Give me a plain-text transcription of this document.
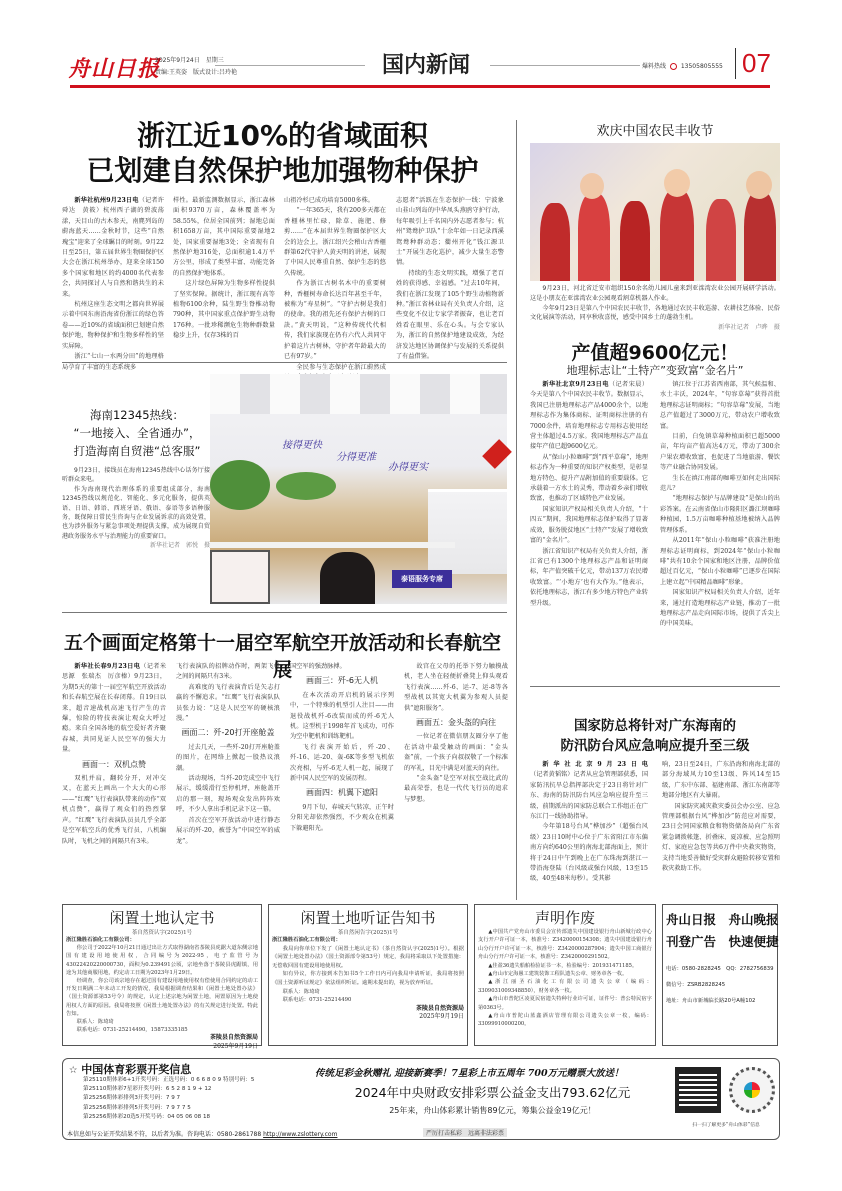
舟山日报
2025年9月24日　星期三
责编:王英姿　版式设计:吕玲艳	国内新闻	爆料热线 13505805555 07
浙江近10%的省域面积
已划建自然保护地加强物种保护

新华社杭州9月23日电（记者许舜达　黄筱）杭州西子湖的碧波荡漾，天目山的古木参天，南麂列岛的蔚海蓝天……金秋时节，这些“自然瑰宝”迎来了全球瞩目的时刻。9月22日至25日，第五届世界生物圈保护区大会在浙江杭州举办，迎来全球150多个国家和地区的约4000名代表参会，共同探讨人与自然和谐共生的未来。

杭州这座生态文明之都向世界展示着中国东南沿海省份浙江的绿色答卷——近10%的省域面积已划建自然保护地，物种保护和生物多样性的坚实屏障。

浙江“七山一水两分田”的地理格局孕育了丰富的生态系统多

样性。最新监测数据显示，浙江森林面积9370万亩，森林覆盖率为58.55%，位居全国前列；湿地总面积1658万亩，其中国际重要湿地2处，国家重要湿地3处；全省现有自然保护地316处，总面积逾1.4万平方公里，形成了类型丰富、功能完备的自然保护地体系。

这片绿色屏障为生物多样性提供了坚实保障。据统计，浙江现有高等植物6100余种，陆生野生脊椎动物790种，其中国家重点保护野生动物176种。一批珍稀濒危生物种群数量稳步上升，仅存3株的百

山祖冷杉已成功培育5000多株。

“一年365天，我有200多天都在香榧林里忙碌，除草、施肥、修剪……”在本届世界生物圈保护区大会的边会上，浙江绍兴会稽山古香榧群第62代守护人黄天明的讲述，展现了中国人民尊重自然、保护生态的悠久传统。

作为浙江古树名木中的重要树种，香榧树寿命长达百年甚至千年，被称为“寿星树”。“守护古树是我们的使命。我的祖先还有保护古树的口訣。”黄天明说，“这种传统代代相传，我们家族现在仍有六代人共同守护着这片古树林，守护者年龄最大的已有97岁。”

全民参与生态保护在浙江蔚然成

志愿者”活跃在生态保护一线：宁波象山韭山列岛的中华凤头燕鸥守护行动，每年吸引上千名国内外志愿者参与；杭州“鸳鸯护卫队”十余年如一日记录西溪鸳鸯种群动态；衢州开化“钱江源卫士”开展生态化巡护，减少大量生态警情。

持续的生态文明实践，增强了老百姓的获得感、幸福感。“过去10年间，我们在浙江发现了105个野生动植物新种。”浙江省林业局有关负责人介绍，这些变化不仅让专家学者振奋，也让老百姓看在眼里、乐在心头。与会专家认为，浙江的自然保护地建设成效，为经济发达地区协调保护与发展的关系提供了有益借鉴。

海南12345热线：
“一地接入、全省通办”，
打造海南自贸港“总客服”

9月23日，接线员在海南12345热线中心话务厅接听群众来电。

作为海南现代治理体系的重要组成部分，海南12345热线以规范化、智能化、多元化服务，提供英语、日语、韩语、西班牙语、俄语、泰语等多语种服务，既保障日常民生咨询与企业发展诉求的高效处置，也为涉外服务与紧急事项处理提供支撑，成为展现自贸港政务服务水平与治理能力的重要窗口。

新华社记者　郭悦　摄

接得更快
分得更准
办得更实
泰语服务专席
欢庆中国农民丰收节

9月23日，河北省迁安市组织150余名幼儿园儿童来到亚滦湾农业公园开展研学活动。这是小朋友在亚滦湾农业公园观看割草机器人作业。

今年9月23日是第八个中国农民丰收节，各地通过农民丰收巡游、农耕技艺体验、民俗文化展演等活动，同享秋收喜悦，感受中国乡土的蓬勃生机。

新华社记者　卢晔　摄

产值超9600亿元！
地理标志让“土特产”变致富“金名片”

新华社北京9月23日电（记者宋晨）今天是第八个中国农民丰收节。数据显示，我国已注册地理标志产品4000余个，以地理标志作为集体商标、证明商标注册的有7000余件，培育地理标志专用标志使用经营主体超过4.5万家。我国地理标志产品直接年产值已超9600亿元。

从“保山小粒咖啡”到“西平草莓”，地理标志作为一种重要的知识产权类型，是彰显地方特色、提升产品附加值的重要载体。它承载着一方水土的灵秀，带动着乡亲们增收致富，也推动了区域特色产业发展。

国家知识产权局相关负责人介绍，“十四五”期间，我国地理标志保护取得了显著成效，服务脱贫地区“土特产”发展了增收致富的“金名片”。

浙江省知识产权局有关负责人介绍，浙江省已有1300个地理标志产品和证明商标，年产值突破千亿元，带动137万农民增收致富。“‘小地方’也有大作为。”他表示，依托地理标志，浙江有多少地方特色产业转型升级。

镇江位于江苏省西南部，其气候温和、水土丰沃，2024年，“句容草莓”获得首批地理标志证明商标；“句容草莓”发展，当地总产值超过了3000万元，带动农户增收致富。

目前，白兔镇草莓种植面积已超5000亩，年均亩产值高达4万元，带动了300余户果农增收致富，也促进了当地旅游、餐饮等产业融合协同发展。

生长在滇江南部的咖啡豆如何走出国际范儿？

“地理标志保护与品牌建设”是保山的出彩答案。在云南省保山市隆阳区潞江坝咖啡种植园，1.5万亩咖啡种植基地被纳入品牌管理体系。

从2011年“保山小粒咖啡”获准注册地理标志证明商标，到2024年“保山小粒咖啡”共有10余个国家和地区注册，品牌价值超过百亿元，“保山小粒咖啡”已逐步在国际上建立起“中国精品咖啡”形象。

国家知识产权局相关负责人介绍，近年来，通过打造地理标志产业链，推动了一批地理标志产品走向国际市场，提供了舌尖上的中国美味。

国家防总将针对广东海南的
防汛防台风应急响应提升至三级

新华社北京9月23日电（记者黄韬铭）记者从应急管理部获悉，国家防汛抗旱总指挥部决定于23日将针对广东、海南的防汛防台风应急响应提升至三级，前期派出的国家防总联合工作组正在广东江门一线协助指导。

今年第18号台风“桦加沙”（超强台风级）23日10时中心位于广东省阳江市东偏南方向约640公里的南海北部海面上，预计将于24日中午到晚上在广东珠海到湛江一带沿海登陆（台风级或强台风级，13至15级，40至48米每秒）。受其影

响，23日至24日，广东沿海和南海北部的部分海域风力10至13级、阵风14至15级，广东中东部、福建南部、浙江东南部等地部分地区有大暴雨。

国家防灾减灾救灾委员会办公室、应急管理部根据台风“桦加沙”防范应对需要，23日会同国家粮食和物资储备局向广东省紧急调拨帐篷、折叠床、夏凉被、应急照明灯、家庭应急包等共6万件中央救灾物资，支持当地妥善做好受灾群众避险转移安置和救灾救助工作。

五个画面定格第十一届空军航空开放活动和长春航空展

新华社长春9月23日电（记者米思源　张瑞杰　厉彦榛）9月23日，为期5天的第十一届空军航空开放活动和长春航空展在长春闭幕。自19日以来，超音速战机高速飞行产生的音爆，惊险的特技表演让观众大呼过瘾。来自全国各地的航空爱好者齐聚春城，共同见证人民空军的强大力量。

画面一：双机点赞

双机并肩，翻转分开，对冲交叉，在蓝天上画出一个大大的心形——“红鹰”飞行表演队带来的动作“双机点赞”，赢得了观众们的热烈掌声。“红鹰”飞行表演队员员几乎全部是空军航空兵的优秀飞行员，八机编队时，飞机之间的间隔只有3米。

飞行表演队的招牌动作时，两架飞机之间的间隔只有3米。

高难度的飞行表演背后是矢志打赢的不懈追求。“红鹰”飞行表演队队员张力说：“这是人民空军的硬核浪漫。”

画面二：歼-20打开座舱盖

过去几天，一些歼-20打开座舱盖的图片，在网络上掀起一股热议浪潮。

活动现场，当歼-20完成空中飞行展示，缓缓滑行至停机坪，座舱盖开启的那一刻，现场观众发出阵阵欢呼，不少人拿出手机记录下这一幕。

首次在空军开放活动中进行静态展示的歼-20，被誉为“中国空军的威龙”。

国空军的强劲脉搏。

画面三：歼-6无人机

在本次活动开启机的展示序列中，一个特殊的机型引人注目——由退役战机歼-6改装而成的歼-6无人机。这型机于1998年首飞成功，可作为空中靶机和训练靶机。

飞行表演开始后，歼-20、歼-16、运-20、轰-6K等多型飞机依次亮相，与歼-6无人机一起，展现了新中国人民空军的发展历程。

画面四：机翼下遮阳

9月下旬，春城天气转凉，正午时分阳光却依然强烈，不少观众在机翼下躲避阳光。

故宫在父母的托举下努力触摸战机，老人坐在轻便折叠凳上仰头观看飞行表演……歼-6、运-7、运-8等各型战机以其宽大机翼为参观人员提供“遮阳服务”。

画面五：金头盔的向往

一位记者在微信朋友圈分享了他在活动中最受触动的画面：“金头盔”前，一个孩子向叔叔敬了一个标准的军礼，目光中满是对蓝天的向往。

“金头盔”是空军对抗空战比武的最高荣誉，也是一代代飞行员的追求与梦想。

闲置土地认定书
茶自然资认字(2025)1号
浙江隆胜石油化工有限公司：

你公司于2022年10月21日通过出让方式取得湖南省茶陵县虎踞大道东侧宗地国有建设用地使用权，合同编号为2022-95，电子监管号为43022420220000730，面积为0.239491公顷，宗地坐落于茶陵县虎踞镇，用途为其他商服用地，约定动工日期为2023年1月29日。

经调查，你公司该宗地存在超过国有建设用地使用权有偿使用合同约定的动工开发日期满二年未动工开发的情况，我局根据调查结果和《闲置土地处置办法》（国土资源部第53号令）的规定，认定上述宗地为闲置土地，闲置原因为土地使用权人方面的原因。我局将按照《闲置土地处置办法》的有关规定进行处置。特此告知。

联系人：陈琦琦

联系电话：0731-25214490，15873335185

茶陵县自然资源局
2025年9月19日
闲置土地听证告知书
茶自然闲告字(2025)1号
浙江隆胜石油化工有限公司：

我局向你单位下发了《闲置土地认定书》（茶自然资认字(2025)1号）。根据《闲置土地处置办法》（国土资源部令第53号）规定，我局将采取以下处置措施：无偿收回国有建设用地使用权。

如有异议，你方接到本告知书5个工作日内可向我局申请听证，我局将按照《国土资源听证规定》依法组织听证。逾期未提出的，视为放弃听证。

联系人：陈琦琦

联系电话：0731-25214490

茶陵县自然资源局
2025年9月19日
声明作废

▲中国共产党舟山市委员会宣传部遗失中国建设银行舟山新城行政中心支行开户许可证一本，核准号：Z3420000154308；遗失中国建设银行舟山分行开户许可证一本，核准号：Z3420000287904；遗失中国工商银行舟山分行开户许可证一本，核准号：Z3420000291502。

▲佳盈36遗失船舶检验证书一本，检验编号：201931471185。

▲舟山市定海愚工建筑装饰工程队遗失公章、财务章各一枚。

▲浙江丽圣石油化工有限公司遗失公章（编码：3309031009348850），财务章各一枚。

▲舟山市普陀区凌夏民宿遗失特种行业许可证，证件号：普公特民宿字第0363号。

▲舟山市普陀山蓝鑫酒店管理有限公司遗失公章一枚，编码：33099910000200。

舟山日报　舟山晚报
刊登广告　快速便捷
电话：0580-2828245　QQ：2782756839
微信号：ZSRB2828245
地址：舟山市新城临长路20号A幢102
✫ 中国体育彩票开奖信息
第25110期体彩6+1开奖号码：正选号码：0 6 6 8 0 9 特别号码：5
第25110期体彩7星彩开奖号码：6 5 2 8 1 9 + 12
第25256期体彩排列3开奖号码：7 9 7
第25256期体彩排列5开奖号码：7 9 7 7 5
第25256期体彩20选5开奖号码：04 05 06 08 18
本信息如与公证开奖结果不符，以后者为准。咨询电话：0580-2861788 http://www.zslottery.com
传统足彩金秋赠礼 迎接新赛季！7星彩上市五周年 700万元赠票大放送！
2024年中央财政安排彩票公益金支出793.62亿元
25年来，舟山体彩累计销售89亿元，筹集公益金19亿元！
严厉打击私彩　远离非法彩票
扫一扫了解更多“舟山体彩”信息
